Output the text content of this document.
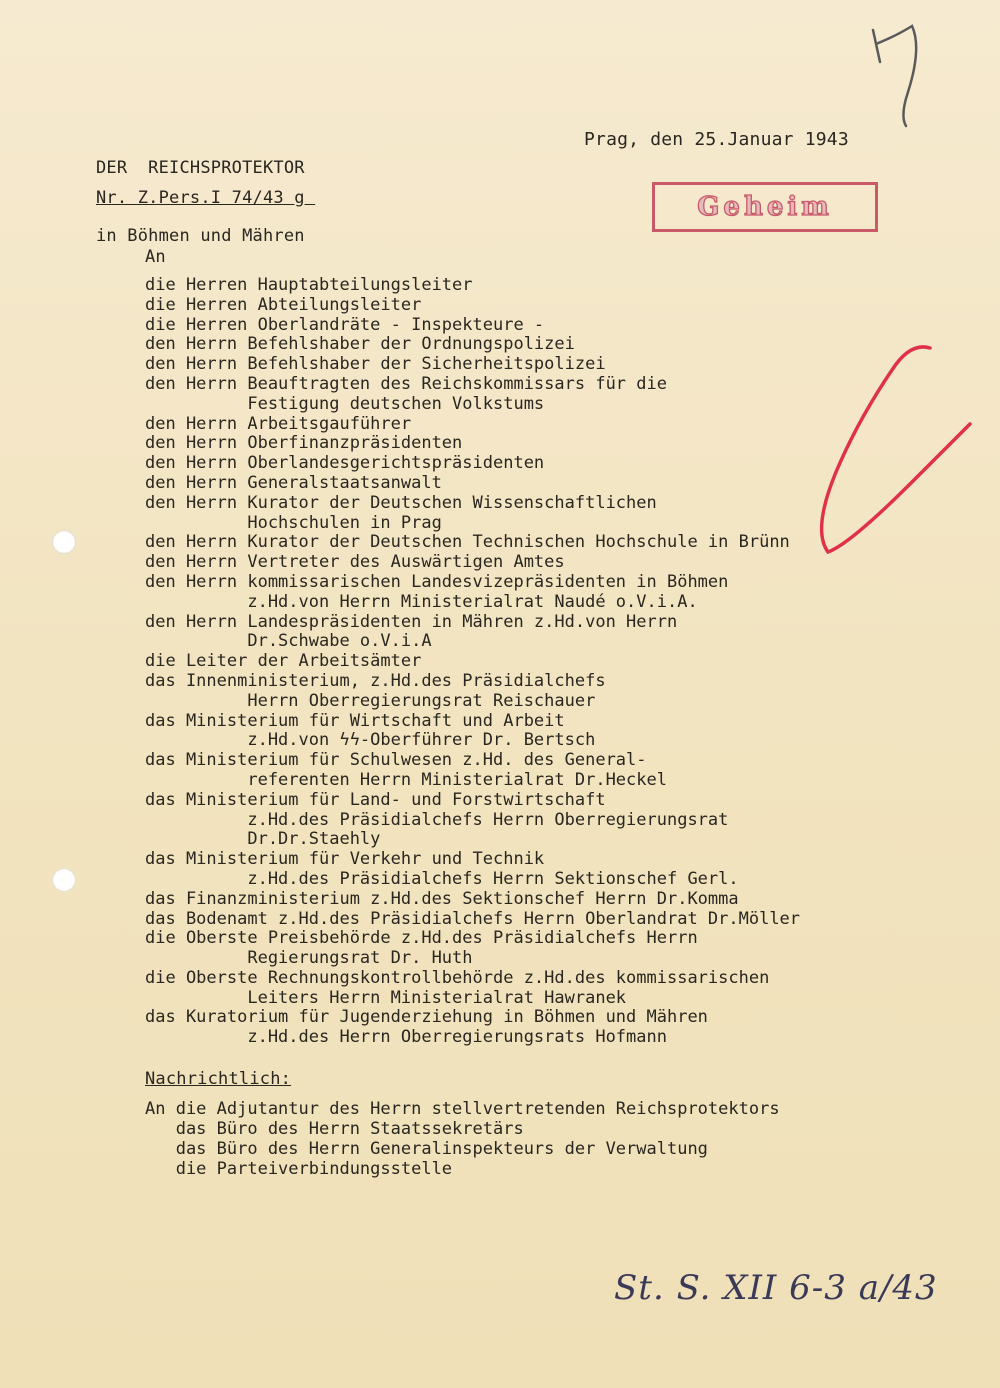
DER  REICHSPROTEKTOR

in Böhmen und Mähren

Nr. Z.Pers.I 74/43 g
Prag, den 25.Januar 1943
Geheim
An
die Herren Hauptabteilungsleiter
die Herren Abteilungsleiter
die Herren Oberlandräte - Inspekteure -
den Herrn Befehlshaber der Ordnungspolizei
den Herrn Befehlshaber der Sicherheitspolizei
den Herrn Beauftragten des Reichskommissars für die
Festigung deutschen Volkstums
den Herrn Arbeitsgauführer
den Herrn Oberfinanzpräsidenten
den Herrn Oberlandesgerichtspräsidenten
den Herrn Generalstaatsanwalt
den Herrn Kurator der Deutschen Wissenschaftlichen
Hochschulen in Prag
den Herrn Kurator der Deutschen Technischen Hochschule in Brünn
den Herrn Vertreter des Auswärtigen Amtes
den Herrn kommissarischen Landesvizepräsidenten in Böhmen
z.Hd.von Herrn Ministerialrat Naudé o.V.i.A.
den Herrn Landespräsidenten in Mähren z.Hd.von Herrn
Dr.Schwabe o.V.i.A
die Leiter der Arbeitsämter
das Innenministerium, z.Hd.des Präsidialchefs
Herrn Oberregierungsrat Reischauer
das Ministerium für Wirtschaft und Arbeit
z.Hd.von ϟϟ-Oberführer Dr. Bertsch
das Ministerium für Schulwesen z.Hd. des General-
referenten Herrn Ministerialrat Dr.Heckel
das Ministerium für Land- und Forstwirtschaft
z.Hd.des Präsidialchefs Herrn Oberregierungsrat
Dr.Dr.Staehly
das Ministerium für Verkehr und Technik
z.Hd.des Präsidialchefs Herrn Sektionschef Gerl.
das Finanzministerium z.Hd.des Sektionschef Herrn Dr.Komma
das Bodenamt z.Hd.des Präsidialchefs Herrn Oberlandrat Dr.Möller
die Oberste Preisbehörde z.Hd.des Präsidialchefs Herrn
Regierungsrat Dr. Huth
die Oberste Rechnungskontrollbehörde z.Hd.des kommissarischen
Leiters Herrn Ministerialrat Hawranek
das Kuratorium für Jugenderziehung in Böhmen und Mähren
z.Hd.des Herrn Oberregierungsrats Hofmann
Nachrichtlich:
An die Adjutantur des Herrn stellvertretenden Reichsprotektors
das Büro des Herrn Staatssekretärs
das Büro des Herrn Generalinspekteurs der Verwaltung
die Parteiverbindungsstelle
St. S. XII 6-3 a/43
